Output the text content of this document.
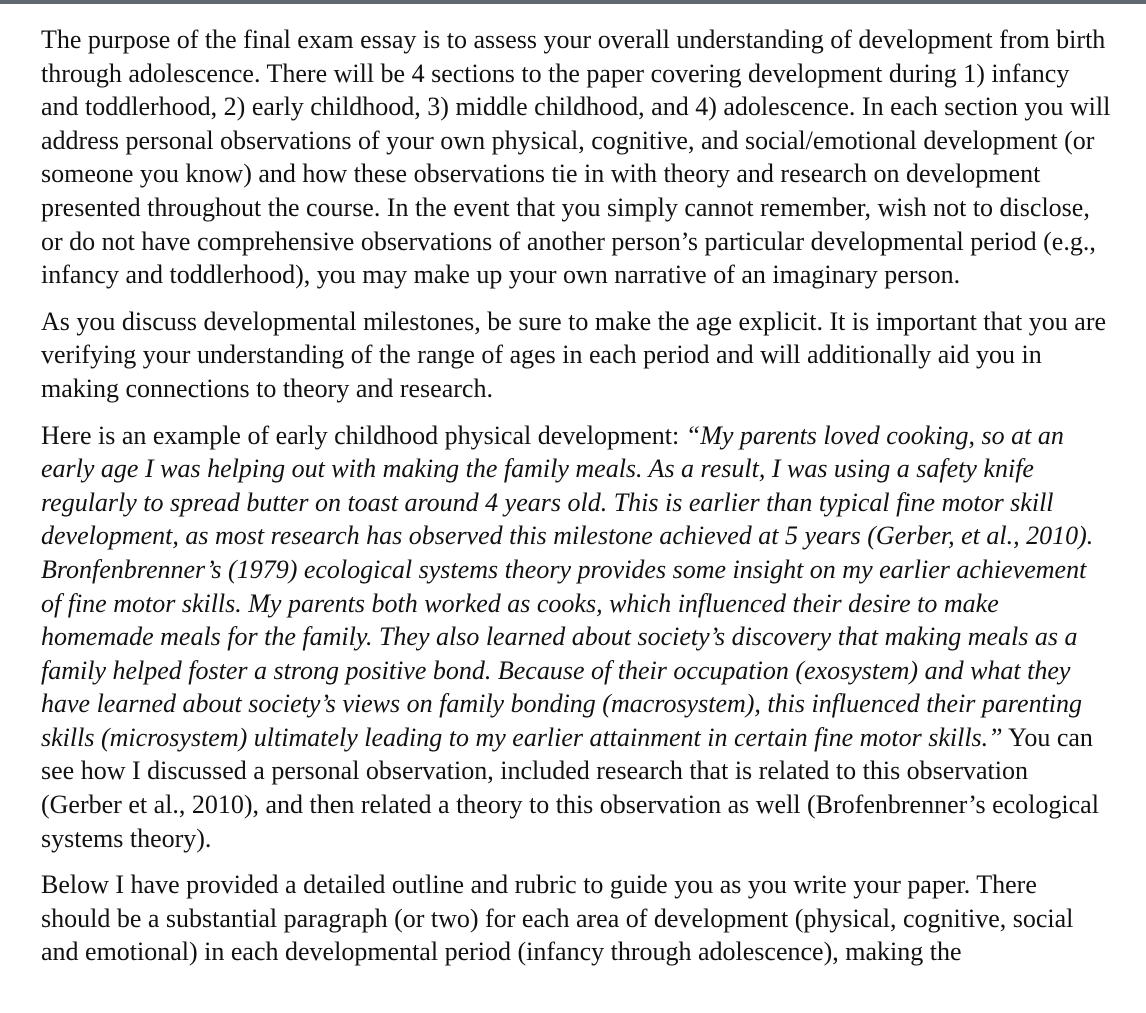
The purpose of the final exam essay is to assess your overall understanding of development from birth through adolescence. There will be 4 sections to the paper covering development during 1) infancy and toddlerhood, 2) early childhood, 3) middle childhood, and 4) adolescence. In each section you will address personal observations of your own physical, cognitive, and social/emotional development (or someone you know) and how these observations tie in with theory and research on development presented throughout the course. In the event that you simply cannot remember, wish not to disclose, or do not have comprehensive observations of another person’s particular developmental period (e.g., infancy and toddlerhood), you may make up your own narrative of an imaginary person.

As you discuss developmental milestones, be sure to make the age explicit. It is important that you are verifying your understanding of the range of ages in each period and will additionally aid you in making connections to theory and research.

Here is an example of early childhood physical development: “My parents loved cooking, so at an early age I was helping out with making the family meals. As a result, I was using a safety knife regularly to spread butter on toast around 4 years old. This is earlier than typical fine motor skill development, as most research has observed this milestone achieved at 5 years (Gerber, et al., 2010). Bronfenbrenner’s (1979) ecological systems theory provides some insight on my earlier achievement of fine motor skills. My parents both worked as cooks, which influenced their desire to make homemade meals for the family. They also learned about society’s discovery that making meals as a family helped foster a strong positive bond. Because of their occupation (exosystem) and what they have learned about society’s views on family bonding (macrosystem), this influenced their parenting skills (microsystem) ultimately leading to my earlier attainment in certain fine motor skills.” You can see how I discussed a personal observation, included research that is related to this observation (Gerber et al., 2010), and then related a theory to this observation as well (Brofenbrenner’s ecological systems theory).

Below I have provided a detailed outline and rubric to guide you as you write your paper. There should be a substantial paragraph (or two) for each area of development (physical, cognitive, social and emotional) in each developmental period (infancy through adolescence), making the
